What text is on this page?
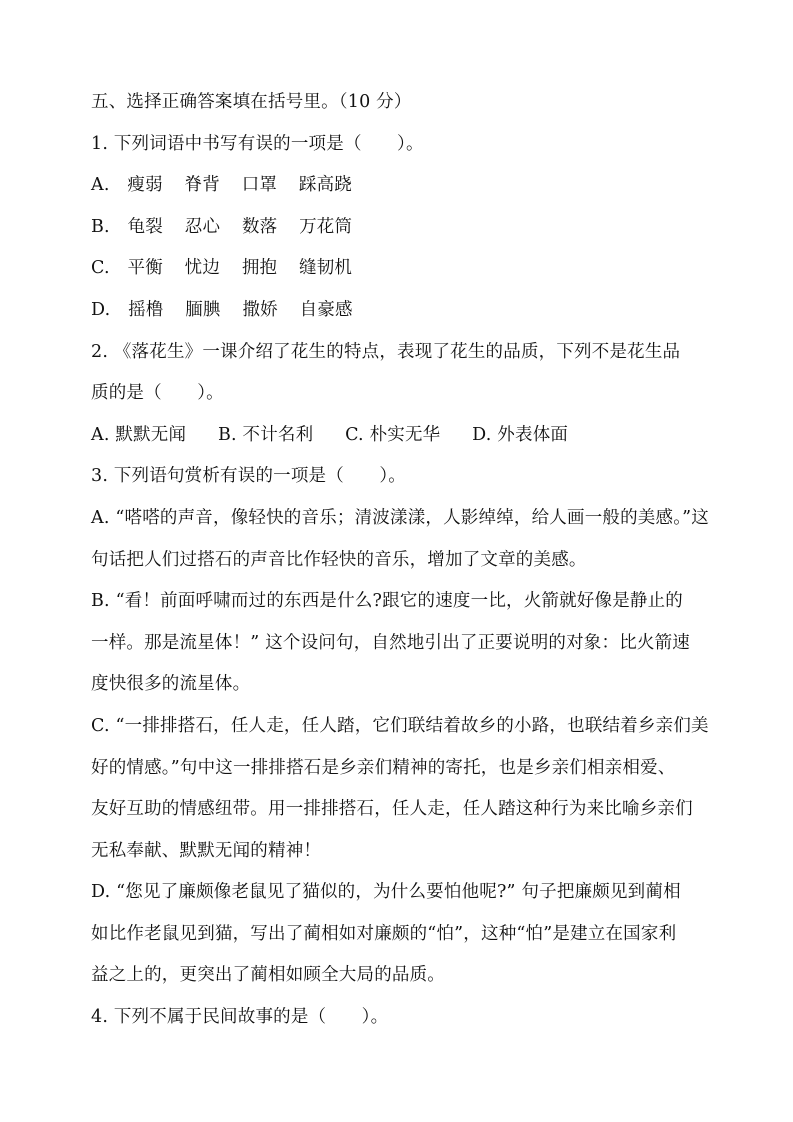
五、选择正确答案填在括号里。（10 分）
1. 下列词语中书写有误的一项是（　　）。
A. 瘦弱 脊背 口罩 踩高跷
B. 龟裂 忍心 数落 万花筒
C. 平衡 忧边 拥抱 缝韧机
D. 摇橹 腼腆 撒娇 自豪感
2. 《落花生》一课介绍了花生的特点，表现了花生的品质，下列不是花生品
质的是（　　）。
A. 默默无闻 B. 不计名利 C. 朴实无华 D. 外表体面
3. 下列语句赏析有误的一项是（　　）。
A. “嗒嗒的声音，像轻快的音乐；清波漾漾，人影绰绰，给人画一般的美感。”这
句话把人们过搭石的声音比作轻快的音乐，增加了文章的美感。
B. “看！前面呼啸而过的东西是什么?跟它的速度一比，火箭就好像是静止的
一样。那是流星体！” 这个设问句，自然地引出了正要说明的对象：比火箭速
度快很多的流星体。
C. “一排排搭石，任人走，任人踏，它们联结着故乡的小路，也联结着乡亲们美
好的情感。”句中这一排排搭石是乡亲们精神的寄托，也是乡亲们相亲相爱、
友好互助的情感纽带。用一排排搭石，任人走，任人踏这种行为来比喻乡亲们
无私奉献、默默无闻的精神！
D. “您见了廉颇像老鼠见了猫似的，为什么要怕他呢?” 句子把廉颇见到蔺相
如比作老鼠见到猫，写出了蔺相如对廉颇的“怕”，这种“怕”是建立在国家利
益之上的，更突出了蔺相如顾全大局的品质。
4. 下列不属于民间故事的是（　　）。
